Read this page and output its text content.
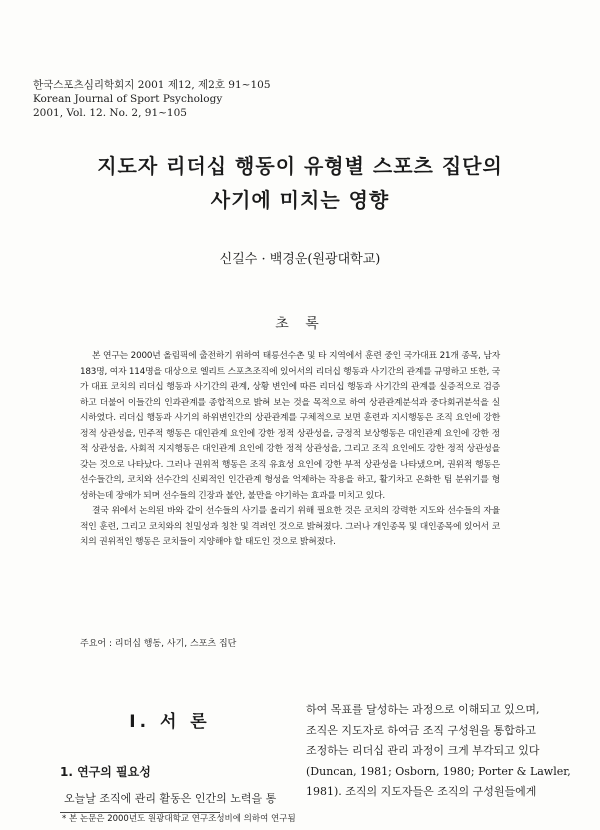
한국스포츠심리학회지 2001 제12, 제2호 91~105
Korean Journal of Sport Psychology
2001, Vol. 12. No. 2, 91~105
지도자 리더십 행동이 유형별 스포츠 집단의
사기에 미치는 영향
신길수 · 백경운(원광대학교)
초 록

본 연구는 2000년 올림픽에 출전하기 위하여 태릉선수촌 및 타 지역에서 훈련 중인 국가대표 21개 종목, 남자 183명, 여자 114명을 대상으로 엘리트 스포츠조직에 있어서의 리더십 행동과 사기간의 관계를 규명하고 또한, 국가 대표 코치의 리더십 행동과 사기간의 관계, 상황 변인에 따른 리더십 행동과 사기간의 관계를 실증적으로 검증하고 더불어 이들간의 인과관계를 종합적으로 밝혀 보는 것을 목적으로 하여 상관관계분석과 중다회귀분석을 실시하였다. 리더십 행동과 사기의 하위변인간의 상관관계를 구체적으로 보면 훈련과 지시행동은 조직 요인에 강한 정적 상관성을, 민주적 행동은 대인관계 요인에 강한 정적 상관성을, 긍정적 보상행동은 대인관계 요인에 강한 정적 상관성을, 사회적 지지행동은 대인관계 요인에 강한 정적 상관성을, 그리고 조직 요인에도 강한 정적 상관성을 갖는 것으로 나타났다. 그러나 권위적 행동은 조직 유효성 요인에 강한 부적 상관성을 나타냈으며, 권위적 행동은 선수들간의, 코치와 선수간의 신뢰적인 인간관계 형성을 억제하는 작용을 하고, 활기차고 온화한 팀 분위기를 형성하는데 장애가 되며 선수들의 긴장과 불안, 불만을 야기하는 효과를 미치고 있다.

결국 위에서 논의된 바와 같이 선수들의 사기를 올리기 위해 필요한 것은 코치의 강력한 지도와 선수들의 자율적인 훈련, 그리고 코치와의 친밀성과 칭찬 및 격려인 것으로 밝혀졌다. 그러나 개인종목 및 대인종목에 있어서 코치의 권위적인 행동은 코치들이 지양해야 할 태도인 것으로 밝혀졌다.

주요어 : 리더십 행동, 사기, 스포츠 집단
Ⅰ. 서 론
1. 연구의 필요성

오늘날 조직에 관리 활동은 인간의 노력을 통

하여 목표를 달성하는 과정으로 이해되고 있으며,
조직은 지도자로 하여금 조직 구성원을 통합하고
조정하는 리더십 관리 과정이 크게 부각되고 있다
(Duncan, 1981; Osborn, 1980; Porter & Lawler,
1981). 조직의 지도자들은 조직의 구성원들에게
* 본 논문은 2000년도 원광대학교 연구조성비에 의하여 연구됨
